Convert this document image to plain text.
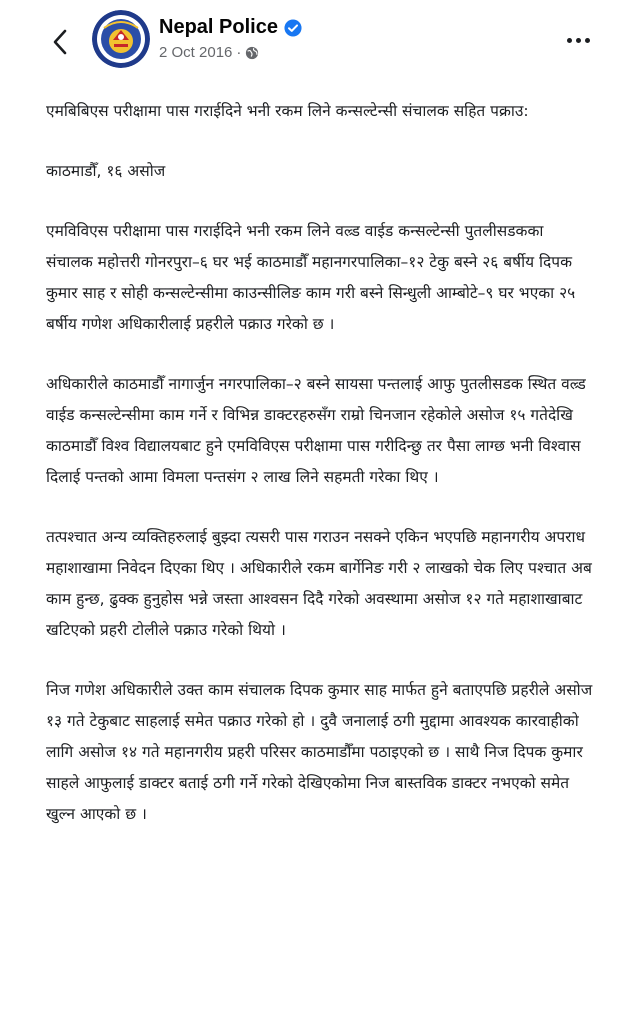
Nepal Police
2 Oct 2016 ·

एमबिबिएस परीक्षामा पास गराईदिने भनी रकम लिने कन्सल्टेन्सी संचालक सहित पक्राउ:

काठमाडौँ, १६ असोज

एमविविएस परीक्षामा पास गराईदिने भनी रकम लिने वल्र्ड वाईड कन्सल्टेन्सी पुतलीसडकका संचालक महोत्तरी गोनरपुरा–६ घर भई काठमाडौँ महानगरपालिका–१२ टेकु बस्ने २६ बर्षीय दिपक कुमार साह र सोही कन्सल्टेन्सीमा काउन्सीलिङ काम गरी बस्ने सिन्धुली आम्बोटे–९ घर भएका २५ बर्षीय गणेश अधिकारीलाई प्रहरीले पक्राउ गरेको छ ।

अधिकारीले काठमाडौँ नागार्जुन नगरपालिका–२ बस्ने सायसा पन्तलाई आफु पुतलीसडक स्थित वल्र्ड वाईड कन्सल्टेन्सीमा काम गर्ने र विभिन्न डाक्टरहरुसँग राम्रो चिनजान रहेकोले असोज १५ गतेदेखि काठमाडौँ विश्व विद्यालयबाट हुने एमविविएस परीक्षामा पास गरीदिन्छु तर पैसा लाग्छ भनी विश्वास दिलाई पन्तको आमा विमला पन्तसंग २ लाख लिने सहमती गरेका थिए ।

तत्पश्चात अन्य व्यक्तिहरुलाई बुझ्दा त्यसरी पास गराउन नसक्ने एकिन भएपछि महानगरीय अपराध महाशाखामा निवेदन दिएका थिए । अधिकारीले रकम बार्गेनिङ गरी २ लाखको चेक लिए पश्चात अब काम हुन्छ, ढुक्क हुनुहोस भन्ने जस्ता आश्वसन दिदै गरेको अवस्थामा असोज १२ गते महाशाखाबाट खटिएको प्रहरी टोलीले पक्राउ गरेको थियो ।

निज गणेश अधिकारीले उक्त काम संचालक दिपक कुमार साह मार्फत हुने बताएपछि प्रहरीले असोज १३ गते टेकुबाट साहलाई समेत पक्राउ गरेको हो । दुवै जनालाई ठगी मुद्दामा आवश्यक कारवाहीको लागि असोज १४ गते महानगरीय प्रहरी परिसर काठमाडौँमा पठाइएको छ । साथै निज दिपक कुमार साहले आफुलाई डाक्टर बताई ठगी गर्ने गरेको देखिएकोमा निज बास्तविक डाक्टर नभएको समेत खुल्न आएको छ ।
